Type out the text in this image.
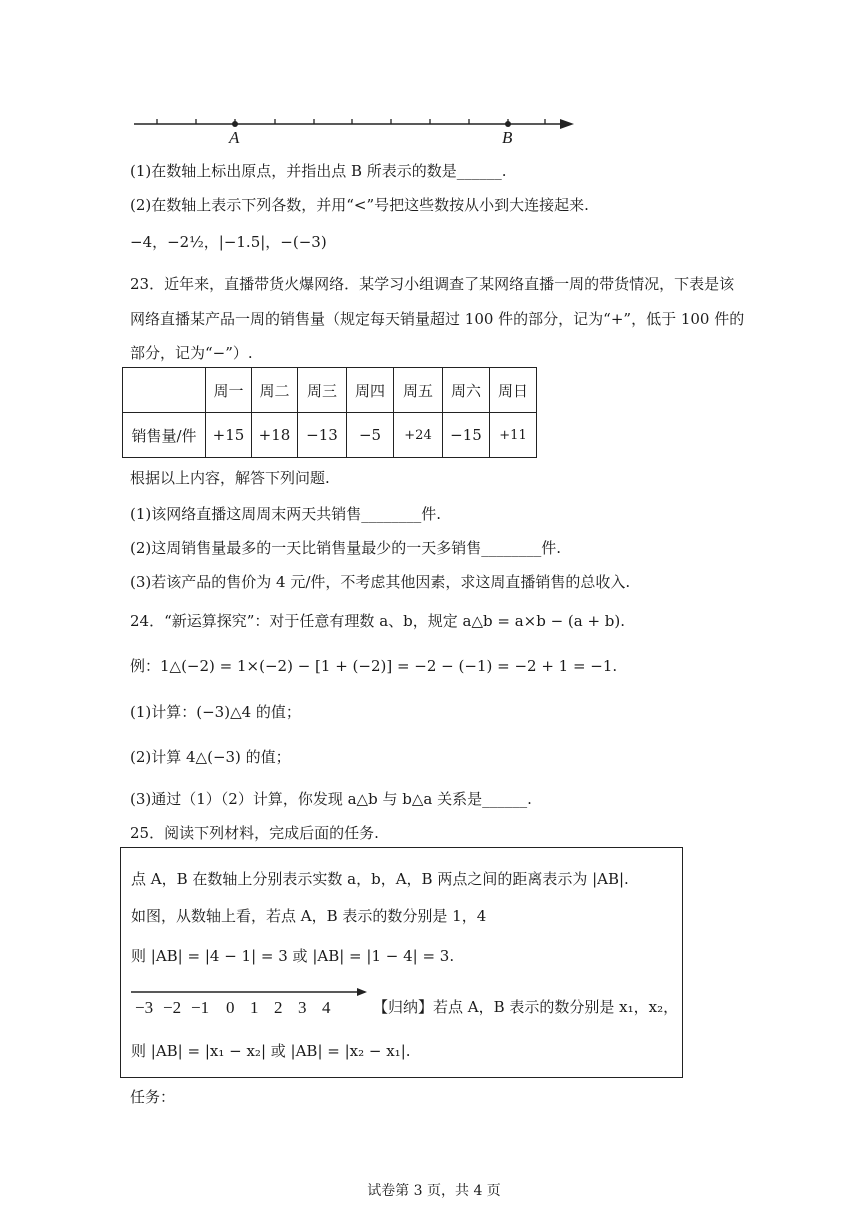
A	B
(1)在数轴上标出原点，并指出点 B 所表示的数是______.
(2)在数轴上表示下列各数，并用“<”号把这些数按从小到大连接起来.
−4，−2½，|−1.5|，−(−3)
23．近年来，直播带货火爆网络．某学习小组调查了某网络直播一周的带货情况，下表是该
网络直播某产品一周的销售量（规定每天销量超过 100 件的部分，记为“+”，低于 100 件的
部分，记为“−”）.
	周一	周二	周三	周四	周五	周六	周日
销售量/件	+15	+18	−13	−5	+24	−15	+11
根据以上内容，解答下列问题.
(1)该网络直播这周周末两天共销售________件.
(2)这周销售量最多的一天比销售量最少的一天多销售________件.
(3)若该产品的售价为 4 元/件，不考虑其他因素，求这周直播销售的总收入.
24．“新运算探究”：对于任意有理数 a、b，规定 a△b = a×b − (a + b).
例：1△(−2) = 1×(−2) − [1 + (−2)] = −2 − (−1) = −2 + 1 = −1.
(1)计算：(−3)△4 的值；
(2)计算 4△(−3) 的值；
(3)通过（1）（2）计算，你发现 a△b 与 b△a 关系是______.
25．阅读下列材料，完成后面的任务.
点 A，B 在数轴上分别表示实数 a，b，A，B 两点之间的距离表示为 |AB|.
如图，从数轴上看，若点 A，B 表示的数分别是 1，4
则 |AB| = |4 − 1| = 3 或 |AB| = |1 − 4| = 3.
−3 −2 −1 0 1 2 3 4	【归纳】若点 A，B 表示的数分别是 x₁，x₂，
则 |AB| = |x₁ − x₂| 或 |AB| = |x₂ − x₁|.
任务：
试卷第 3 页，共 4 页
